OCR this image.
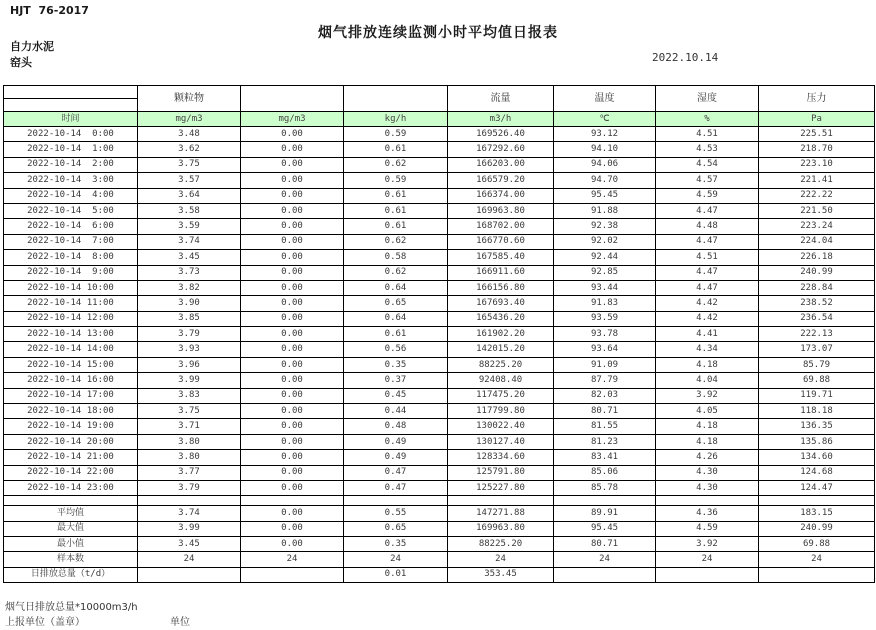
HJT  76-2017
烟气排放连续监测小时平均值日报表
自力水泥
窑头	2022.10.14
	颗粒物			流量	温度	湿度	压力

时间	mg/m3	mg/m3	kg/h	m3/h	℃	%	Pa
2022-10-14  0:00	3.48	0.00	0.59	169526.40	93.12	4.51	225.51
2022-10-14  1:00	3.62	0.00	0.61	167292.60	94.10	4.53	218.70
2022-10-14  2:00	3.75	0.00	0.62	166203.00	94.06	4.54	223.10
2022-10-14  3:00	3.57	0.00	0.59	166579.20	94.70	4.57	221.41
2022-10-14  4:00	3.64	0.00	0.61	166374.00	95.45	4.59	222.22
2022-10-14  5:00	3.58	0.00	0.61	169963.80	91.88	4.47	221.50
2022-10-14  6:00	3.59	0.00	0.61	168702.00	92.38	4.48	223.24
2022-10-14  7:00	3.74	0.00	0.62	166770.60	92.02	4.47	224.04
2022-10-14  8:00	3.45	0.00	0.58	167585.40	92.44	4.51	226.18
2022-10-14  9:00	3.73	0.00	0.62	166911.60	92.85	4.47	240.99
2022-10-14 10:00	3.82	0.00	0.64	166156.80	93.44	4.47	228.84
2022-10-14 11:00	3.90	0.00	0.65	167693.40	91.83	4.42	238.52
2022-10-14 12:00	3.85	0.00	0.64	165436.20	93.59	4.42	236.54
2022-10-14 13:00	3.79	0.00	0.61	161902.20	93.78	4.41	222.13
2022-10-14 14:00	3.93	0.00	0.56	142015.20	93.64	4.34	173.07
2022-10-14 15:00	3.96	0.00	0.35	88225.20	91.09	4.18	85.79
2022-10-14 16:00	3.99	0.00	0.37	92408.40	87.79	4.04	69.88
2022-10-14 17:00	3.83	0.00	0.45	117475.20	82.03	3.92	119.71
2022-10-14 18:00	3.75	0.00	0.44	117799.80	80.71	4.05	118.18
2022-10-14 19:00	3.71	0.00	0.48	130022.40	81.55	4.18	136.35
2022-10-14 20:00	3.80	0.00	0.49	130127.40	81.23	4.18	135.86
2022-10-14 21:00	3.80	0.00	0.49	128334.60	83.41	4.26	134.60
2022-10-14 22:00	3.77	0.00	0.47	125791.80	85.06	4.30	124.68
2022-10-14 23:00	3.79	0.00	0.47	125227.80	85.78	4.30	124.47

平均值	3.74	0.00	0.55	147271.88	89.91	4.36	183.15
最大值	3.99	0.00	0.65	169963.80	95.45	4.59	240.99
最小值	3.45	0.00	0.35	88225.20	80.71	3.92	69.88
样本数	24	24	24	24	24	24	24
日排放总量（t/d）			0.01	353.45			
烟气日排放总量*10000m3/h
上报单位（盖章）	单位
